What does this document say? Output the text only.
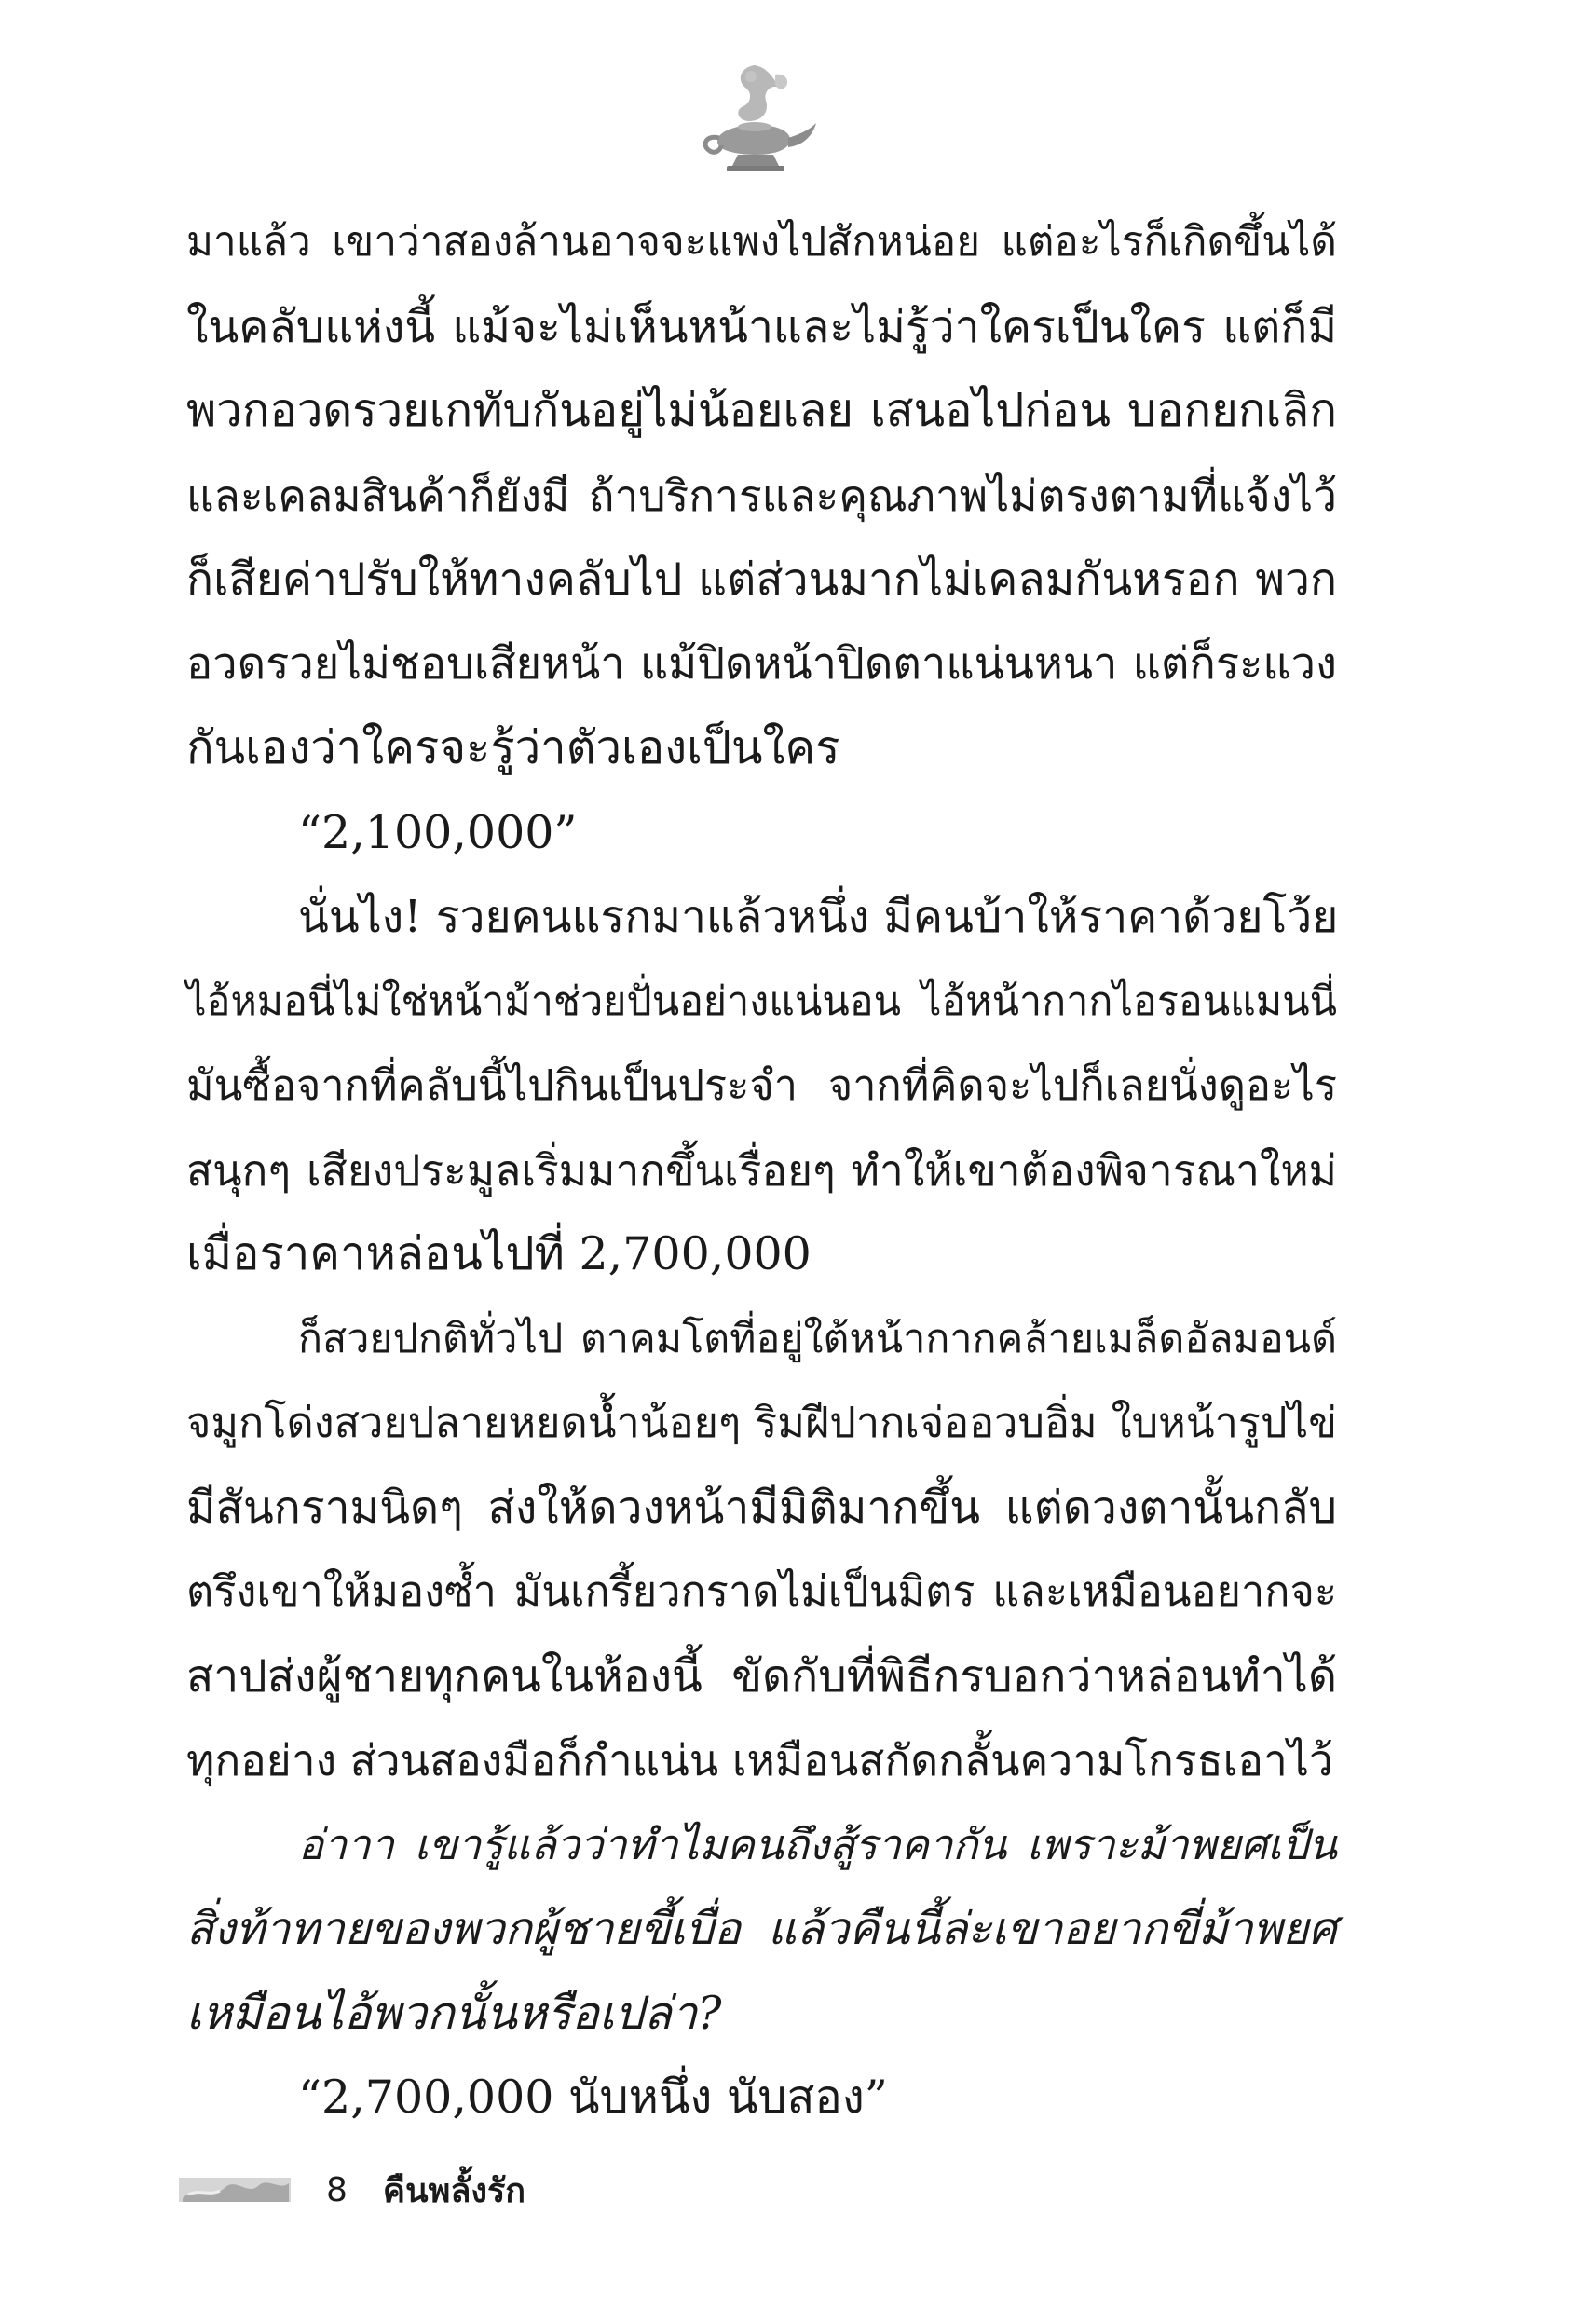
มาแล้ว เขาว่าสองล้านอาจจะแพงไปสักหน่อย แต่อะไรก็เกิดขึ้นได้
ในคลับแห่งนี้ แม้จะไม่เห็นหน้าและไม่รู้ว่าใครเป็นใคร แต่ก็มี
พวกอวดรวยเกทับกันอยู่ไม่น้อยเลย เสนอไปก่อน บอกยกเลิก
และเคลมสินค้าก็ยังมี ถ้าบริการและคุณภาพไม่ตรงตามที่แจ้งไว้
ก็เสียค่าปรับให้ทางคลับไป แต่ส่วนมากไม่เคลมกันหรอก พวก
อวดรวยไม่ชอบเสียหน้า แม้ปิดหน้าปิดตาแน่นหนา แต่ก็ระแวง
กันเองว่าใครจะรู้ว่าตัวเองเป็นใคร
“2,100,000”
นั่นไง! รวยคนแรกมาแล้วหนึ่ง มีคนบ้าให้ราคาด้วยโว้ย
ไอ้หมอนี่ไม่ใช่หน้าม้าช่วยปั่นอย่างแน่นอน ไอ้หน้ากากไอรอนแมนนี่
มันซื้อจากที่คลับนี้ไปกินเป็นประจำ จากที่คิดจะไปก็เลยนั่งดูอะไร
สนุกๆ เสียงประมูลเริ่มมากขึ้นเรื่อยๆ ทำให้เขาต้องพิจารณาใหม่
เมื่อราคาหล่อนไปที่ 2,700,000
ก็สวยปกติทั่วไป ตาคมโตที่อยู่ใต้หน้ากากคล้ายเมล็ดอัลมอนด์
จมูกโด่งสวยปลายหยดน้ำน้อยๆ ริมฝีปากเจ่ออวบอิ่ม ใบหน้ารูปไข่
มีสันกรามนิดๆ ส่งให้ดวงหน้ามีมิติมากขึ้น แต่ดวงตานั้นกลับ
ตรึงเขาให้มองซ้ำ มันเกรี้ยวกราดไม่เป็นมิตร และเหมือนอยากจะ
สาปส่งผู้ชายทุกคนในห้องนี้ ขัดกับที่พิธีกรบอกว่าหล่อนทำได้
ทุกอย่าง ส่วนสองมือก็กำแน่น เหมือนสกัดกลั้นความโกรธเอาไว้
อ่าาา เขารู้แล้วว่าทำไมคนถึงสู้ราคากัน เพราะม้าพยศเป็น
สิ่งท้าทายของพวกผู้ชายขี้เบื่อ แล้วคืนนี้ล่ะเขาอยากขี่ม้าพยศ
เหมือนไอ้พวกนั้นหรือเปล่า?
“2,700,000 นับหนึ่ง นับสอง”
8 คืนพลั้งรัก
